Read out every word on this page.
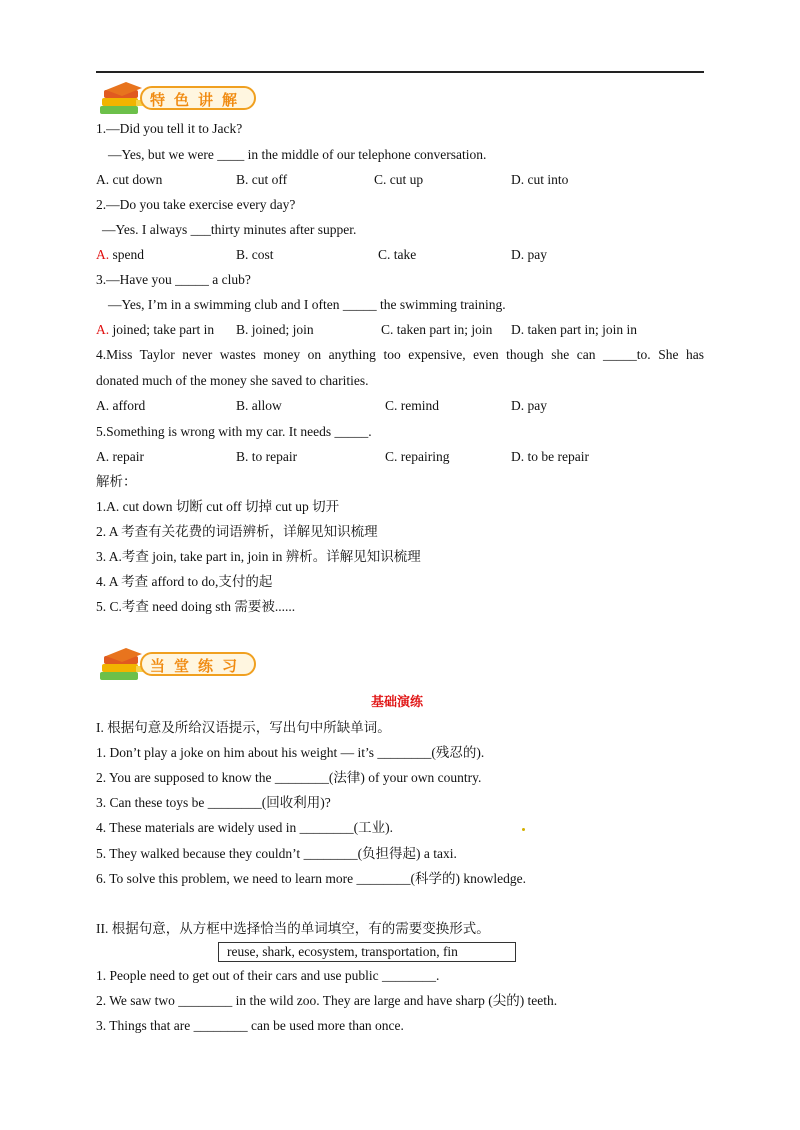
特色讲解
1.—Did you tell it to Jack?
—Yes, but we were ____ in the middle of our telephone conversation.
A. cut down	B. cut off	C. cut up	D. cut into
2.—Do you take exercise every day?
—Yes. I always ___thirty minutes after supper.
A. spend	B. cost	C. take	D. pay
3.—Have you _____ a club?
—Yes, I’m in a swimming club and I often _____ the swimming training.
A. joined; take part in B. joined; join	C. taken part in; join D. taken part in; join in
4.Miss Taylor never wastes money on anything too expensive, even though she can _____to. She has
donated much of the money she saved to charities.
A. afford	B. allow	C. remind	D. pay
5.Something is wrong with my car. It needs _____.
A. repair	B. to repair	C. repairing	D. to be repair
解析：
1.A. cut down 切断 cut off 切掉 cut up 切开
2. A 考查有关花费的词语辨析，详解见知识梳理
3. A.考查 join, take part in, join in 辨析。详解见知识梳理
4. A 考查 afford to do,支付的起
5. C.考查 need doing sth 需要被......
当堂练习
基础演练
I. 根据句意及所给汉语提示，写出句中所缺单词。
1. Don’t play a joke on him about his weight — it’s ________(残忍的).
2. You are supposed to know the ________(法律) of your own country.
3. Can these toys be ________(回收利用)?
4. These materials are widely used in ________(工业).
5. They walked because they couldn’t ________(负担得起) a taxi.
6. To solve this problem, we need to learn more ________(科学的) knowledge.
II. 根据句意，从方框中选择恰当的单词填空，有的需要变换形式。
reuse, shark, ecosystem, transportation, fin
1. People need to get out of their cars and use public ________.
2. We saw two ________ in the wild zoo. They are large and have sharp (尖的) teeth.
3. Things that are ________ can be used more than once.
